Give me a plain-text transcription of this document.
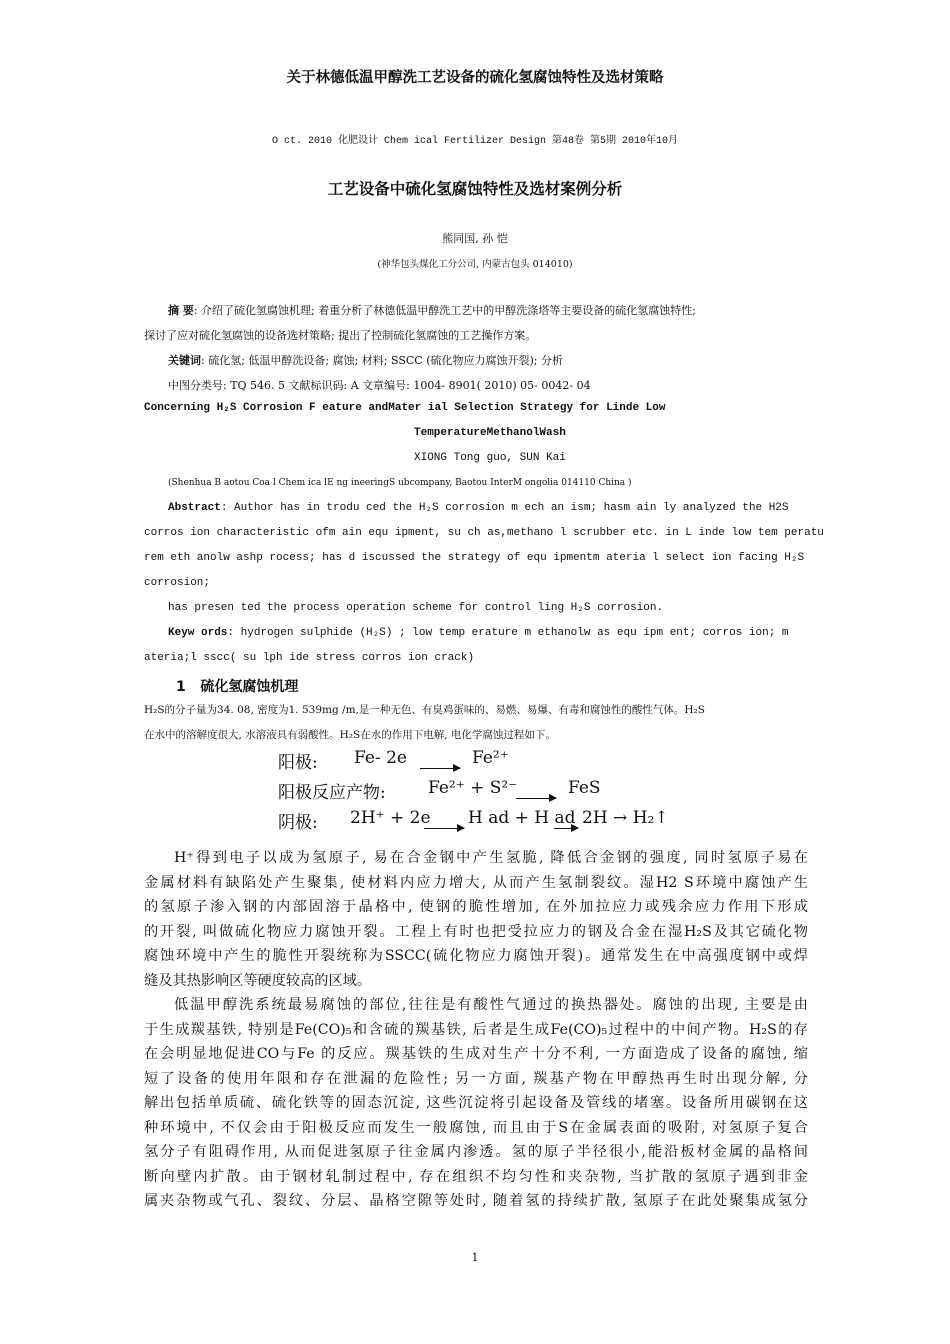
关于林德低温甲醇洗工艺设备的硫化氢腐蚀特性及选材策略
O ct. 2010 化肥设计 Chem ical Fertilizer Design 第48卷 第5期 2010年10月
工艺设备中硫化氢腐蚀特性及选材案例分析
熊同国, 孙 恺
(神华包头煤化工分公司, 内蒙古包头 014010)
摘 要: 介绍了硫化氢腐蚀机理; 着重分析了林德低温甲醇洗工艺中的甲醇洗涤塔等主要设备的硫化氢腐蚀特性;
探讨了应对硫化氢腐蚀的设备选材策略; 提出了控制硫化氢腐蚀的工艺操作方案。
关键词: 硫化氢; 低温甲醇洗设备; 腐蚀; 材料; SSCC (硫化物应力腐蚀开裂); 分析
中图分类号: TQ 546. 5 文献标识码: A 文章编号: 1004- 8901( 2010) 05- 0042- 04
Concerning H₂S Corrosion F eature andMater ial Selection Strategy for Linde Low
TemperatureMethanolWash
XIONG Tong guo, SUN Kai
(Shenhua B aotou Coa l Chem ica lE ng ineeringS ubcompany, Baotou InterM ongolia 014110 China )
Abstract: Author has in trodu ced the H₂S corrosion m ech an ism; hasm ain ly analyzed the H2S
corros ion characteristic ofm ain equ ipment, su ch as,methano l scrubber etc. in L inde low tem peratu
rem eth anolw ashp rocess; has d iscussed the strategy of equ ipmentm ateria l select ion facing H₂S
corrosion;
has presen ted the process operation scheme for control ling H₂S corrosion.
Keyw ords: hydrogen sulphide (H₂S) ; low temp erature m ethanolw as equ ipm ent; corros ion; m
ateria;l sscc( su lph ide stress corros ion crack)
1 硫化氢腐蚀机理
H₂S的分子量为34. 08, 密度为1. 539mg /m,是一种无色、有臭鸡蛋味的、易燃、易爆、有毒和腐蚀性的酸性气体。H₂S
在水中的溶解度很大, 水溶液具有弱酸性。H₂S在水的作用下电解, 电化学腐蚀过程如下。
阳极: Fe- 2e	Fe²⁺
阳极反应产物: Fe²⁺ + S²⁻	FeS
阴极: 2H⁺ + 2e H ad + H ad 2H → H₂↑
H⁺得到电子以成为氢原子, 易在合金钢中产生氢脆, 降低合金钢的强度, 同时氢原子易在
金属材料有缺陷处产生聚集, 使材料内应力增大, 从而产生氢制裂纹。湿H2 S环境中腐蚀产生
的氢原子渗入钢的内部固溶于晶格中, 使钢的脆性增加, 在外加拉应力或残余应力作用下形成
的开裂, 叫做硫化物应力腐蚀开裂。工程上有时也把受拉应力的钢及合金在湿H₂S及其它硫化物
腐蚀环境中产生的脆性开裂统称为SSCC(硫化物应力腐蚀开裂)。通常发生在中高强度钢中或焊
缝及其热影响区等硬度较高的区域。
低温甲醇洗系统最易腐蚀的部位,往往是有酸性气通过的换热器处。腐蚀的出现, 主要是由
于生成羰基铁, 特别是Fe(CO)₅和含硫的羰基铁, 后者是生成Fe(CO)₅过程中的中间产物。H₂S的存
在会明显地促进CO与Fe 的反应。羰基铁的生成对生产十分不利, 一方面造成了设备的腐蚀, 缩
短了设备的使用年限和存在泄漏的危险性; 另一方面, 羰基产物在甲醇热再生时出现分解, 分
解出包括单质硫、硫化铁等的固态沉淀, 这些沉淀将引起设备及管线的堵塞。设备所用碳钢在这
种环境中, 不仅会由于阳极反应而发生一般腐蚀, 而且由于S在金属表面的吸附, 对氢原子复合
氢分子有阻碍作用, 从而促进氢原子往金属内渗透。氢的原子半径很小,能沿板材金属的晶格间
断向壁内扩散。由于钢材轧制过程中, 存在组织不均匀性和夹杂物, 当扩散的氢原子遇到非金
属夹杂物或气孔、裂纹、分层、晶格空隙等处时, 随着氢的持续扩散, 氢原子在此处聚集成氢分
1
